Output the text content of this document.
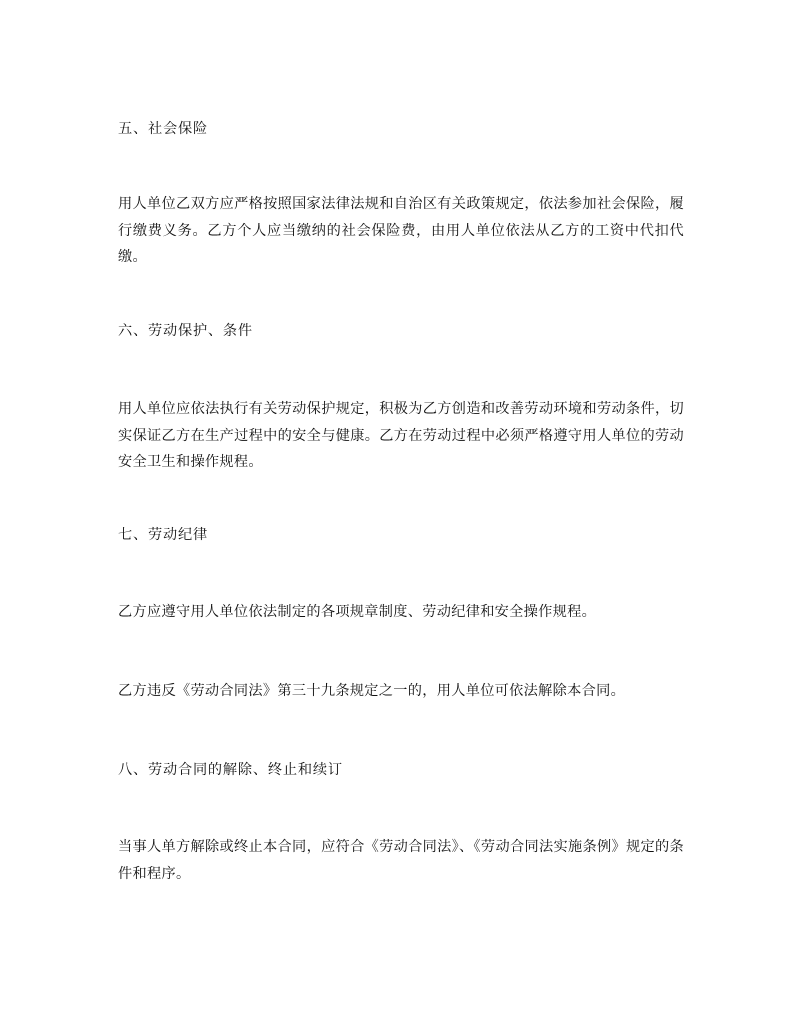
五、社会保险

用人单位乙双方应严格按照国家法律法规和自治区有关政策规定，依法参加社会保险，履行缴费义务。乙方个人应当缴纳的社会保险费，由用人单位依法从乙方的工资中代扣代缴。

六、劳动保护、条件

用人单位应依法执行有关劳动保护规定，积极为乙方创造和改善劳动环境和劳动条件，切实保证乙方在生产过程中的安全与健康。乙方在劳动过程中必须严格遵守用人单位的劳动安全卫生和操作规程。

七、劳动纪律

乙方应遵守用人单位依法制定的各项规章制度、劳动纪律和安全操作规程。

乙方违反《劳动合同法》第三十九条规定之一的，用人单位可依法解除本合同。

八、劳动合同的解除、终止和续订

当事人单方解除或终止本合同，应符合《劳动合同法》、《劳动合同法实施条例》规定的条件和程序。
